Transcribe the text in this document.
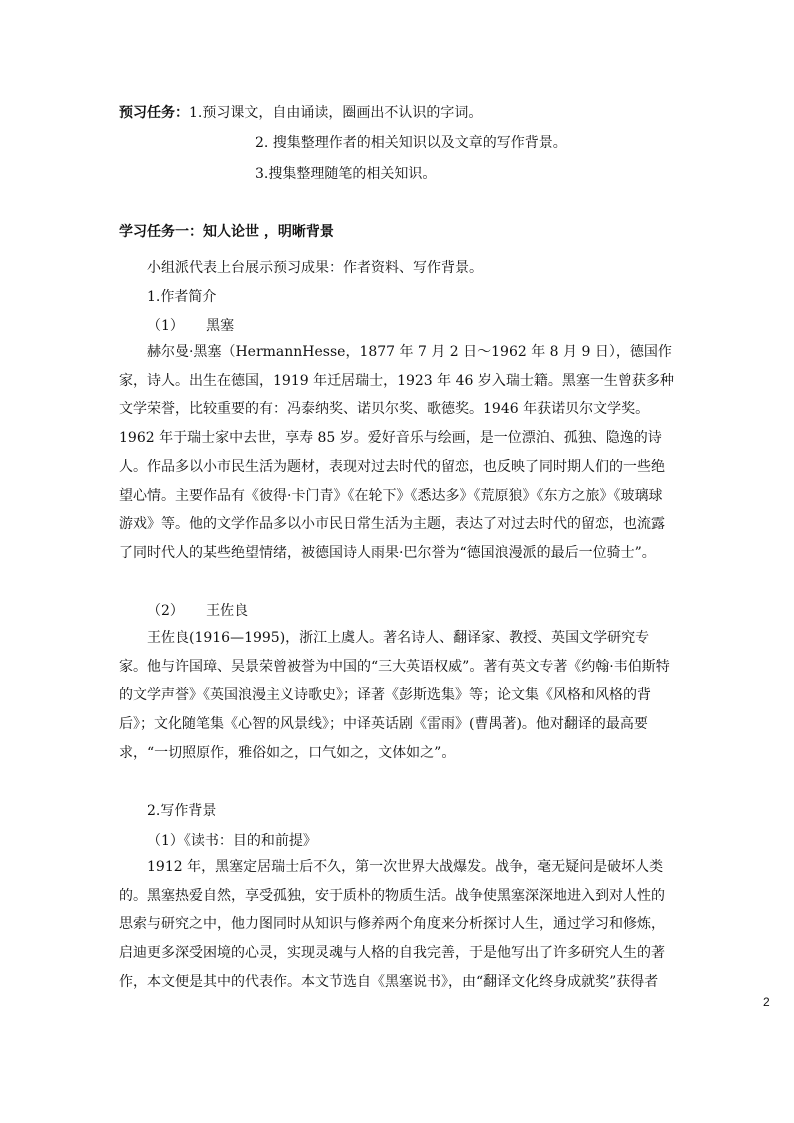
预习任务：1.预习课文，自由诵读，圈画出不认识的字词。
2. 搜集整理作者的相关知识以及文章的写作背景。
3.搜集整理随笔的相关知识。
学习任务一：知人论世 ，明晰背景
小组派代表上台展示预习成果：作者资料、写作背景。
1.作者简介
（1）     黑塞
赫尔曼·黑塞（HermannHesse，1877 年 7 月 2 日～1962 年 8 月 9 日），德国作家，诗人。出生在德国，1919 年迁居瑞士，1923 年 46 岁入瑞士籍。黑塞一生曾获多种文学荣誉，比较重要的有：冯泰纳奖、诺贝尔奖、歌德奖。1946 年获诺贝尔文学奖。1962 年于瑞士家中去世，享寿 85 岁。爱好音乐与绘画，是一位漂泊、孤独、隐逸的诗人。作品多以小市民生活为题材，表现对过去时代的留恋，也反映了同时期人们的一些绝望心情。主要作品有《彼得·卡门青》《在轮下》《悉达多》《荒原狼》《东方之旅》《玻璃球游戏》等。他的文学作品多以小市民日常生活为主题，表达了对过去时代的留恋，也流露了同时代人的某些绝望情绪，被德国诗人雨果·巴尔誉为“德国浪漫派的最后一位骑士”。
（2）     王佐良
王佐良(1916—1995)，浙江上虞人。著名诗人、翻译家、教授、英国文学研究专家。他与许国璋、吴景荣曾被誉为中国的“三大英语权威”。著有英文专著《约翰·韦伯斯特的文学声誉》《英国浪漫主义诗歌史》；译著《彭斯选集》等；论文集《风格和风格的背后》；文化随笔集《心智的风景线》；中译英话剧《雷雨》(曹禺著)。他对翻译的最高要求，“一切照原作，雅俗如之，口气如之，文体如之”。
2.写作背景
（1）《读书：目的和前提》
1912 年，黑塞定居瑞士后不久，第一次世界大战爆发。战争，毫无疑问是破坏人类的。黑塞热爱自然，享受孤独，安于质朴的物质生活。战争使黑塞深深地进入到对人性的思索与研究之中，他力图同时从知识与修养两个角度来分析探讨人生，通过学习和修炼，启迪更多深受困境的心灵，实现灵魂与人格的自我完善，于是他写出了许多研究人生的著作，本文便是其中的代表作。本文节选自《黑塞说书》，由“翻译文化终身成就奖”获得者
2
